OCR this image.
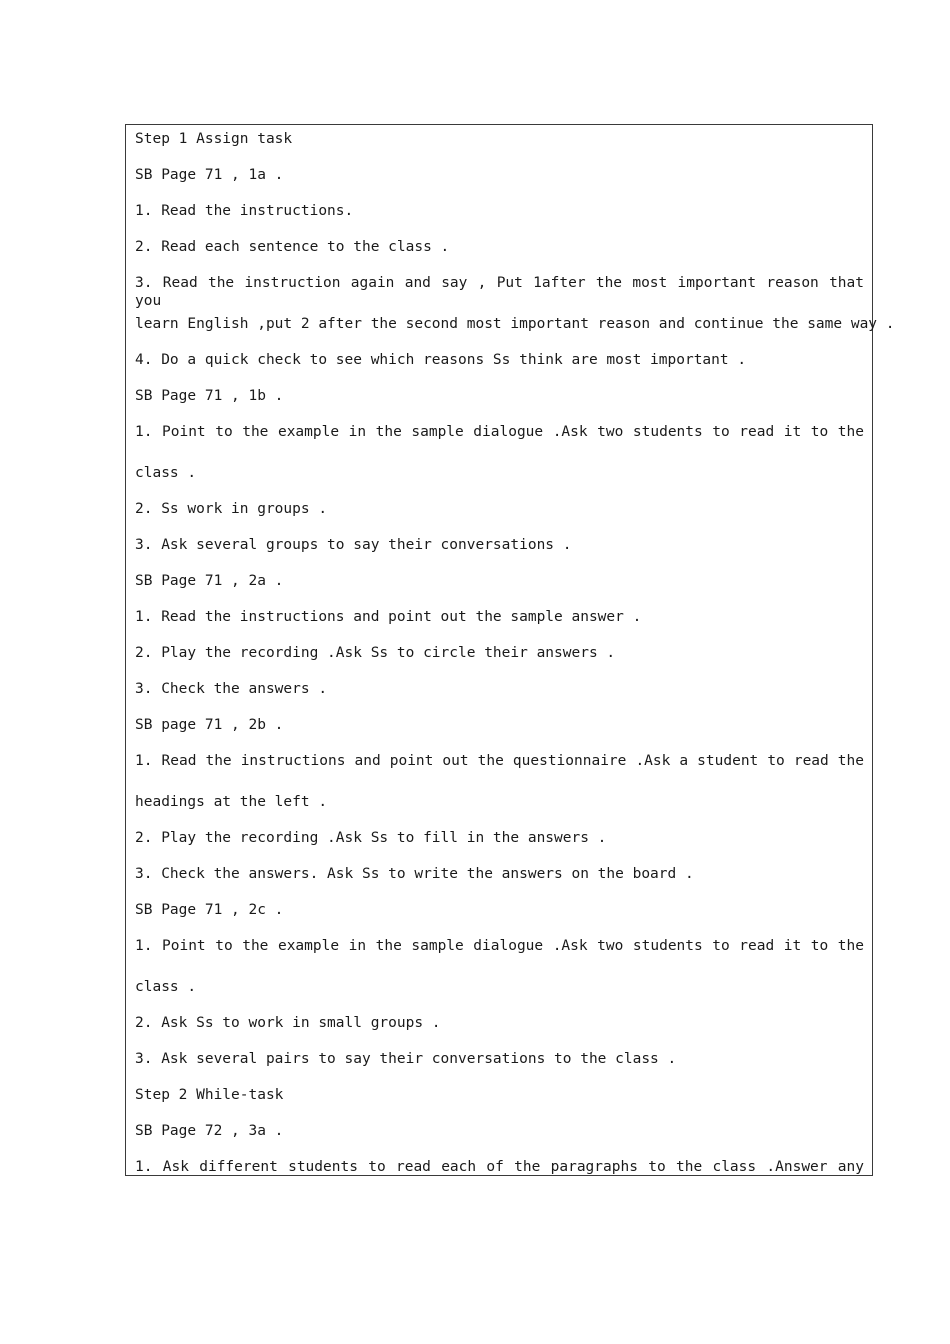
Step 1 Assign task

SB Page 71 , 1a .

1. Read the instructions.

2. Read each sentence to the class .

3. Read the instruction again and say , Put 1after the most important reason that you

learn English ,put 2 after the second most important reason and continue the same way .

4. Do a quick check to see which reasons Ss think are most important .

SB Page 71 , 1b .

1. Point to the example in the sample dialogue .Ask two students to read it to the

class .

2. Ss work in groups .

3. Ask several groups to say their conversations .

SB Page 71 , 2a .

1. Read the instructions and point out the sample answer .

2. Play the recording .Ask Ss to circle their answers .

3. Check the answers .

SB page 71 , 2b .

1. Read the instructions and point out the questionnaire .Ask a student to read the

headings at the left .

2. Play the recording .Ask Ss to fill in the answers .

3. Check the answers. Ask Ss to write the answers on the board .

SB Page 71 , 2c .

1. Point to the example in the sample dialogue .Ask two students to read it to the

class .

2. Ask Ss to work in small groups .

3. Ask several pairs to say their conversations to the class .

Step 2 While-task

SB Page 72 , 3a .

1. Ask different students to read each of the paragraphs to the class .Answer any
